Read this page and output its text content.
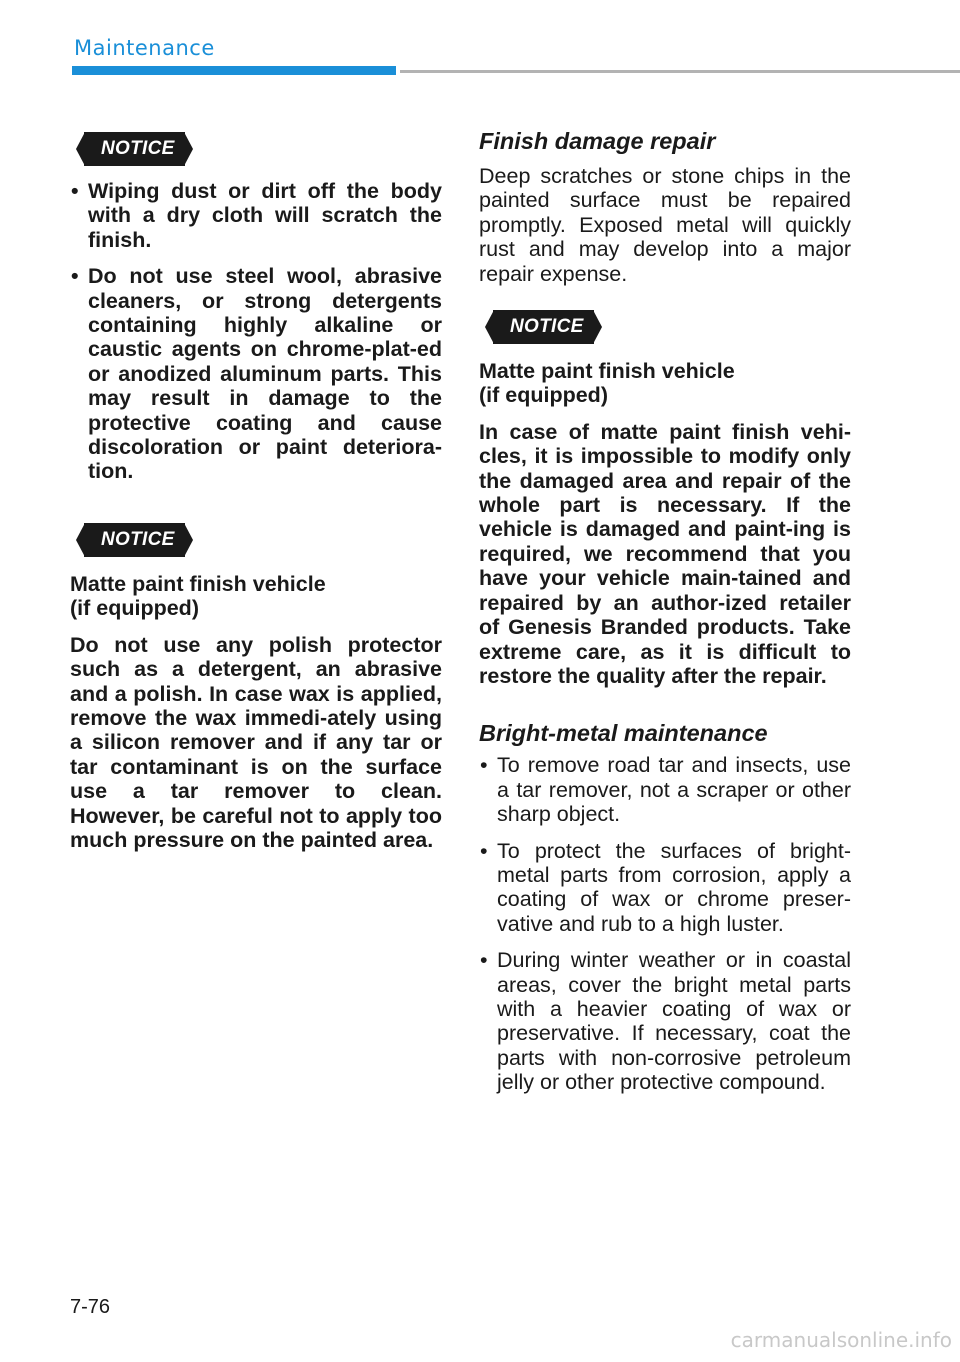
Maintenance
NOTICE
• Wiping dust or dirt off the body with a dry cloth will scratch the finish.
• Do not use steel wool, abrasive cleaners, or strong detergents containing highly alkaline or caustic agents on chrome-plat-ed or anodized aluminum parts. This may result in damage to the protective coating and cause discoloration or paint deteriora-tion.
NOTICE

Matte paint finish vehicle

(if equipped)

Do not use any polish protector such as a detergent, an abrasive and a polish. In case wax is applied, remove the wax immedi-ately using a silicon remover and if any tar or tar contaminant is on the surface use a tar remover to clean. However, be careful not to apply too much pressure on the painted area.

Finish damage repair

Deep scratches or stone chips in the painted surface must be repaired promptly. Exposed metal will quickly rust and may develop into a major repair expense.

NOTICE

Matte paint finish vehicle

(if equipped)

In case of matte paint finish vehi-cles, it is impossible to modify only the damaged area and repair of the whole part is necessary. If the vehicle is damaged and paint-ing is required, we recommend that you have your vehicle main-tained and repaired by an author-ized retailer of Genesis Branded products. Take extreme care, as it is difficult to restore the quality after the repair.

Bright-metal maintenance

• To remove road tar and insects, use a tar remover, not a scraper or other sharp object.
• To protect the surfaces of bright-metal parts from corrosion, apply a coating of wax or chrome preser-vative and rub to a high luster.
• During winter weather or in coastal areas, cover the bright metal parts with a heavier coating of wax or preservative. If necessary, coat the parts with non-corrosive petroleum jelly or other protective compound.
7-76
carmanualsonline.info
